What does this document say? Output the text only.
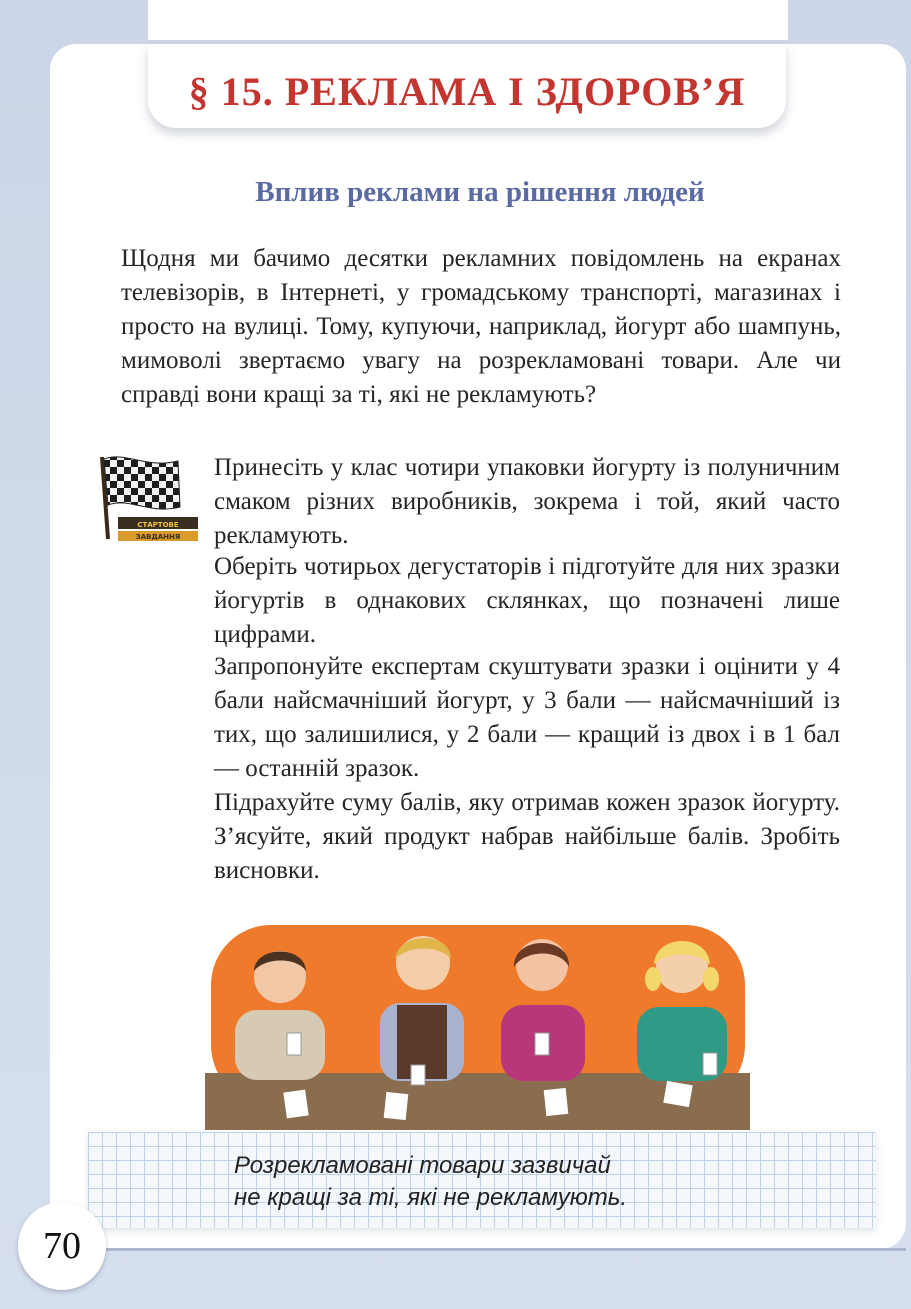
§ 15. РЕКЛАМА І ЗДОРОВ’Я
Вплив реклами на рішення людей

Щодня ми бачимо десятки рекламних повідомлень на екранах телевізорів, в Інтернеті, у громадському транспорті, магазинах і просто на вулиці. Тому, купуючи, наприклад, йогурт або шампунь, мимоволі звертаємо увагу на розрекламовані товари. Але чи справді вони кращі за ті, які не рекламують?

СТАРТОВЕ
ЗАВДАННЯ

Принесіть у клас чотири упаковки йогурту із полуничним смаком різних виробників, зокрема і той, який часто рекламують.

Оберіть чотирьох дегустаторів і підготуйте для них зразки йогуртів в однакових склянках, що позначені лише цифрами.

Запропонуйте експертам скуштувати зразки і оцінити у 4 бали найсмачніший йогурт, у 3 бали — найсмачніший із тих, що залишилися, у 2 бали — кращий із двох і в 1 бал — останній зразок.

Підрахуйте суму балів, яку отримав кожен зразок йогурту. З’ясуйте, який продукт набрав найбільше балів. Зробіть висновки.

Розрекламовані товари зазвичай
не кращі за ті, які не рекламують.
70
